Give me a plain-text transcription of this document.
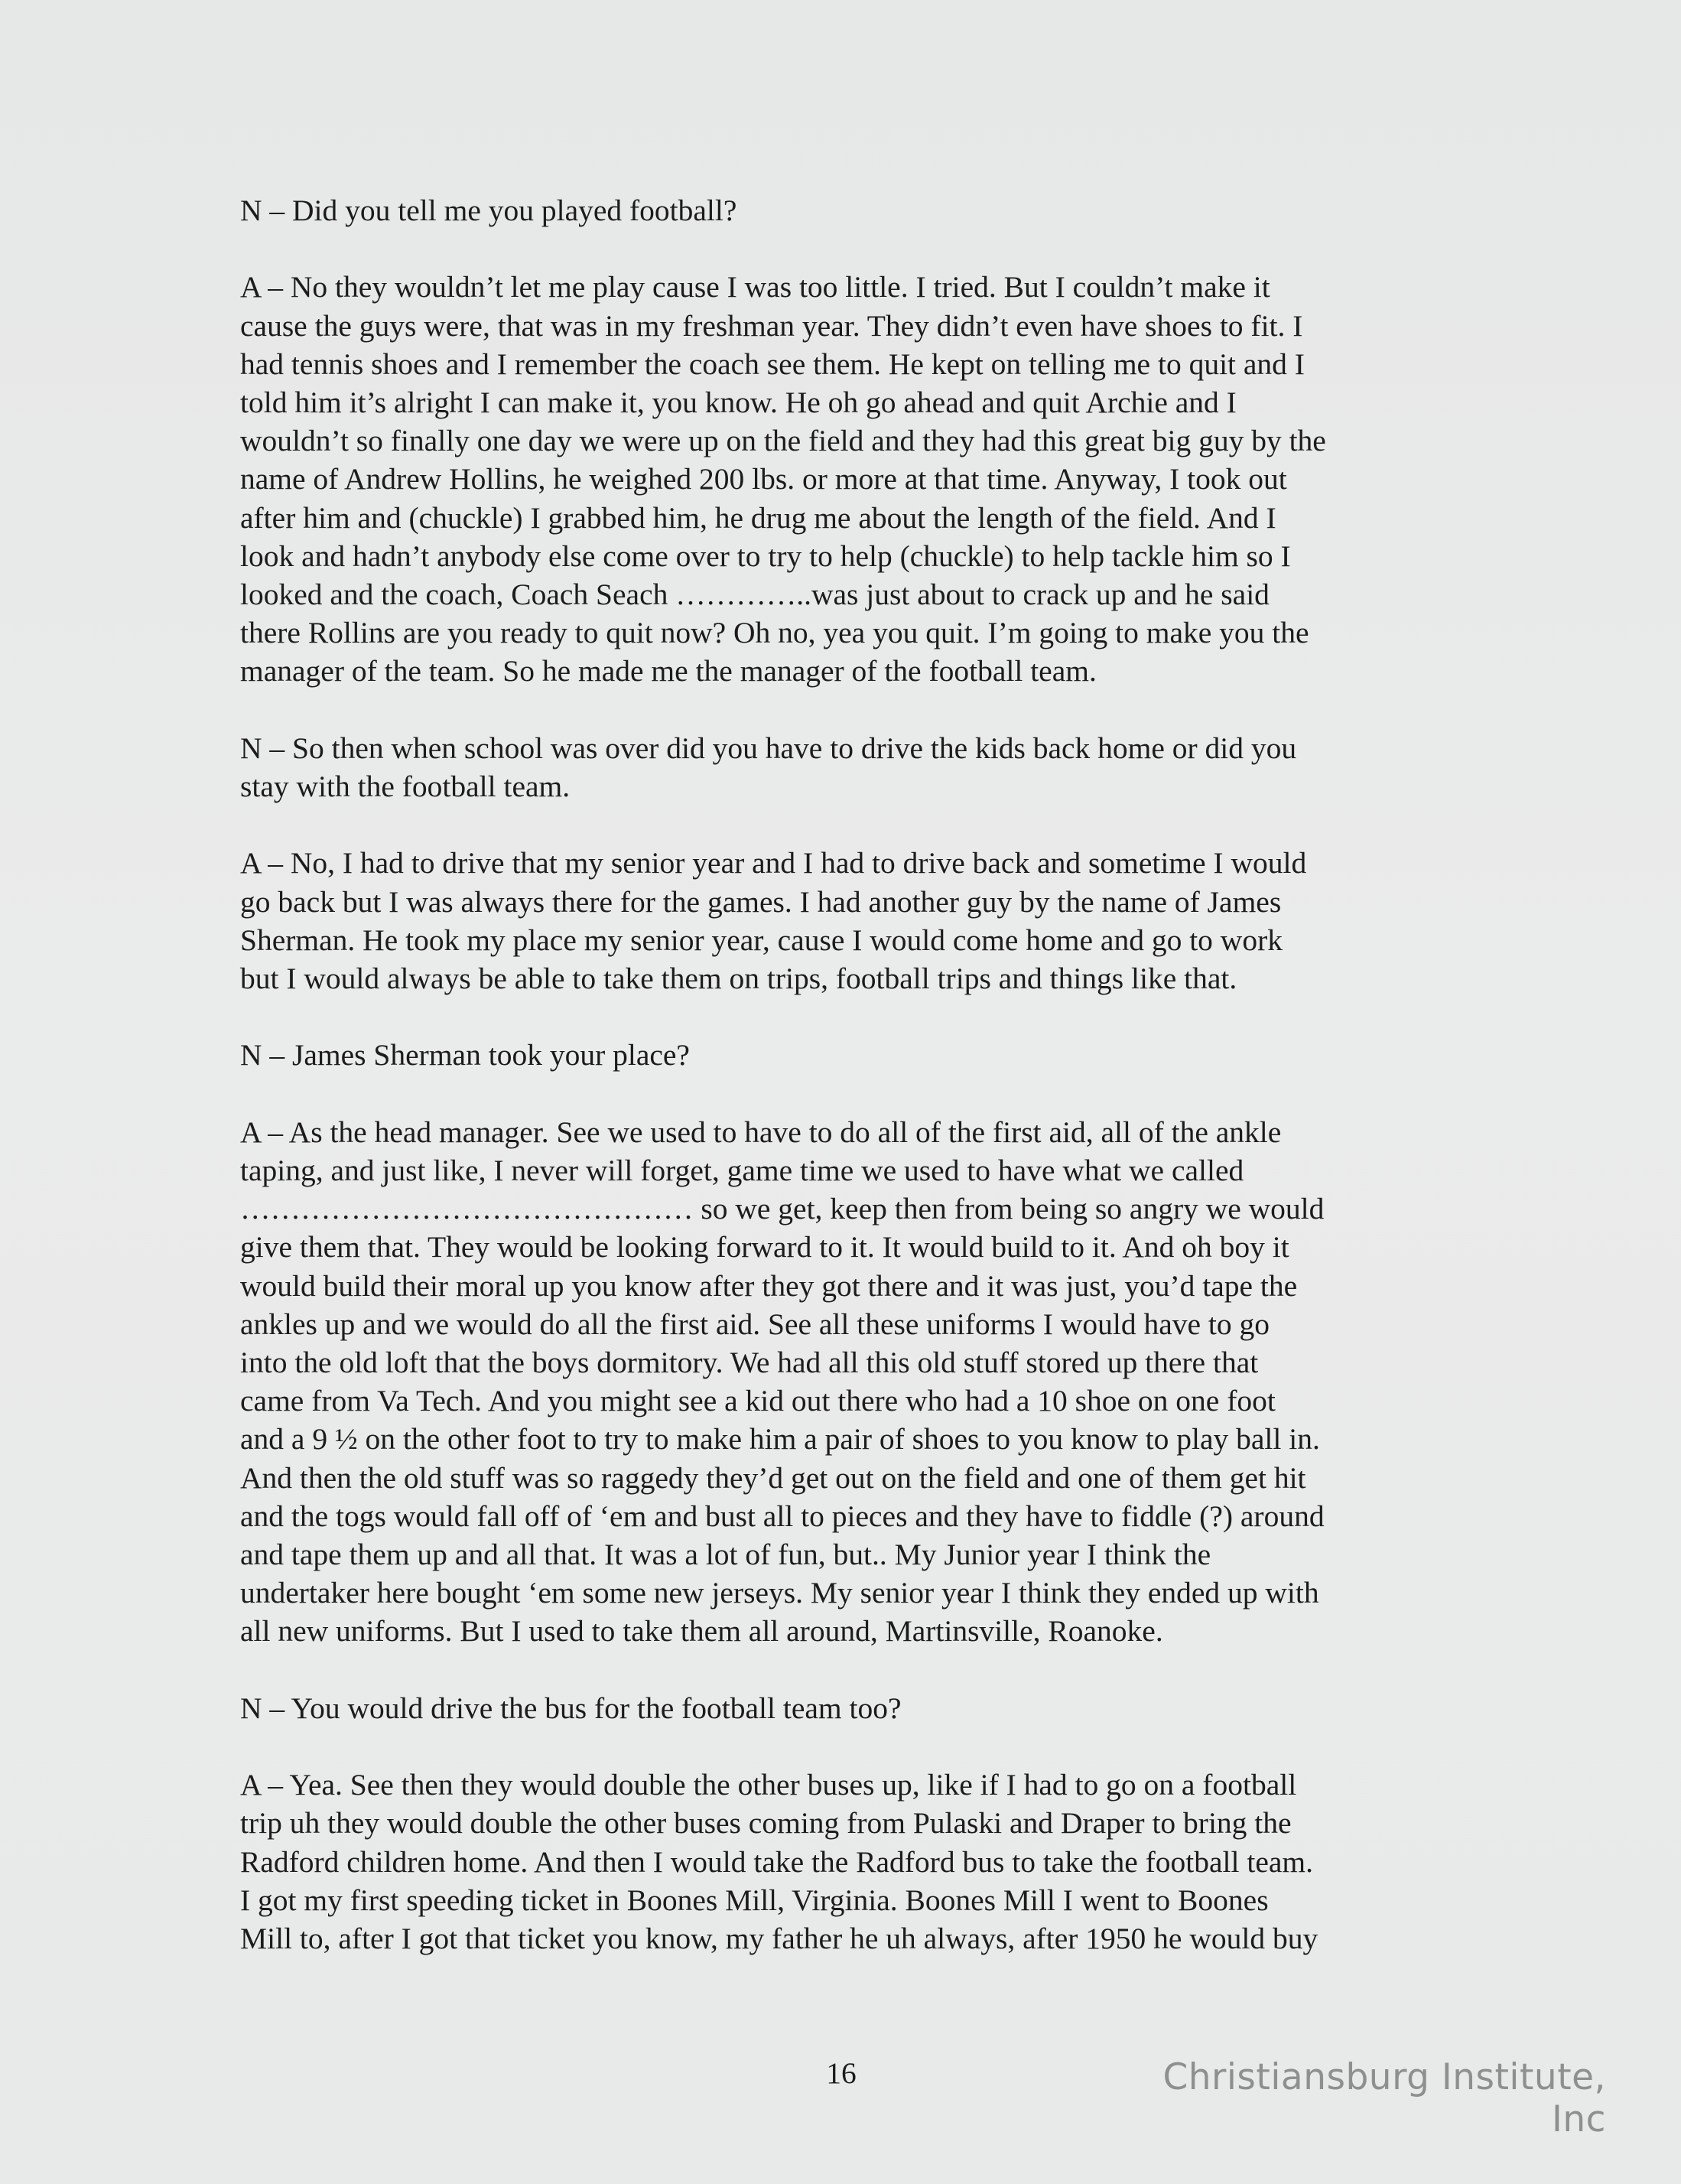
N – Did you tell me you played football?

A – No they wouldn’t let me play cause I was too little. I tried. But I couldn’t make it
cause the guys were, that was in my freshman year. They didn’t even have shoes to fit. I
had tennis shoes and I remember the coach see them. He kept on telling me to quit and I
told him it’s alright I can make it, you know. He oh go ahead and quit Archie and I
wouldn’t so finally one day we were up on the field and they had this great big guy by the
name of Andrew Hollins, he weighed 200 lbs. or more at that time. Anyway, I took out
after him and (chuckle) I grabbed him, he drug me about the length of the field. And I
look and hadn’t anybody else come over to try to help (chuckle) to help tackle him so I
looked and the coach, Coach Seach …………..was just about to crack up and he said
there Rollins are you ready to quit now? Oh no, yea you quit. I’m going to make you the
manager of the team. So he made me the manager of the football team.

N – So then when school was over did you have to drive the kids back home or did you
stay with the football team.

A – No, I had to drive that my senior year and I had to drive back and sometime I would
go back but I was always there for the games. I had another guy by the name of James
Sherman. He took my place my senior year, cause I would come home and go to work
but I would always be able to take them on trips, football trips and things like that.

N – James Sherman took your place?

A – As the head manager. See we used to have to do all of the first aid, all of the ankle
taping, and just like, I never will forget, game time we used to have what we called
……………………………………… so we get, keep then from being so angry we would
give them that. They would be looking forward to it. It would build to it. And oh boy it
would build their moral up you know after they got there and it was just, you’d tape the
ankles up and we would do all the first aid. See all these uniforms I would have to go
into the old loft that the boys dormitory. We had all this old stuff stored up there that
came from Va Tech. And you might see a kid out there who had a 10 shoe on one foot
and a 9 ½ on the other foot to try to make him a pair of shoes to you know to play ball in.
And then the old stuff was so raggedy they’d get out on the field and one of them get hit
and the togs would fall off of ‘em and bust all to pieces and they have to fiddle (?) around
and tape them up and all that. It was a lot of fun, but.. My Junior year I think the
undertaker here bought ‘em some new jerseys. My senior year I think they ended up with
all new uniforms. But I used to take them all around, Martinsville, Roanoke.

N – You would drive the bus for the football team too?

A – Yea. See then they would double the other buses up, like if I had to go on a football
trip uh they would double the other buses coming from Pulaski and Draper to bring the
Radford children home. And then I would take the Radford bus to take the football team.
I got my first speeding ticket in Boones Mill, Virginia. Boones Mill I went to Boones
Mill to, after I got that ticket you know, my father he uh always, after 1950 he would buy

16	Christiansburg Institute, Inc
